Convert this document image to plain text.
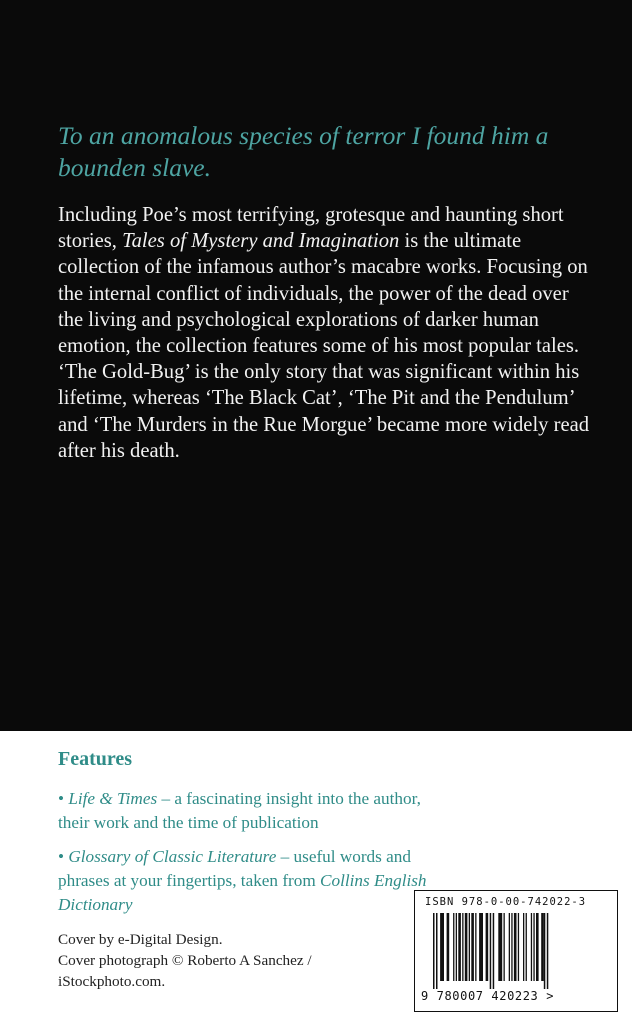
To an anomalous species of terror I found him a bounden slave.

Including Poe’s most terrifying, grotesque and haunting short stories, Tales of Mystery and Imagination is the ultimate collection of the infamous author’s macabre works. Focusing on the internal conflict of individuals, the power of the dead over the living and psychological explorations of darker human emotion, the collection features some of his most popular tales. ‘The Gold-Bug’ is the only story that was significant within his lifetime, whereas ‘The Black Cat’, ‘The Pit and the Pendulum’ and ‘The Murders in the Rue Morgue’ became more widely read after his death.

Features

• Life & Times – a fascinating insight into the author, their work and the time of publication

• Glossary of Classic Literature – useful words and phrases at your fingertips, taken from Collins English Dictionary

Cover by e-Digital Design.
Cover photograph © Roberto A Sanchez /
iStockphoto.com.
ISBN 978-0-00-742022-3
9 780007 420223 >
